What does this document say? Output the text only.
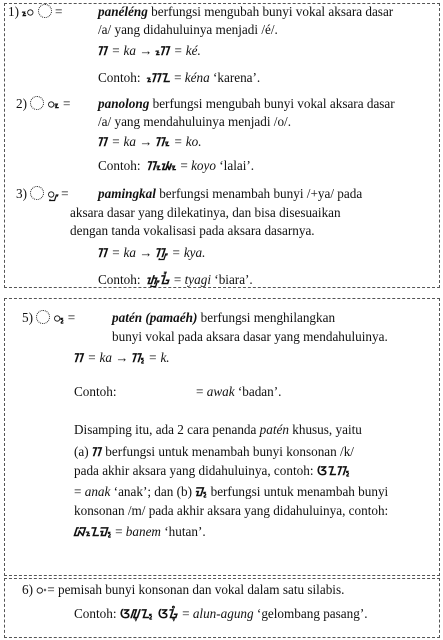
1) ᮦ =	panéléng berfungsi mengubah bunyi vokal aksara dasar
/a/ yang didahuluinya menjadi /é/.
ᮊ = ka → ᮊᮦ = ké.
Contoh: ᮊᮦᮔ = kéna ‘karena’.
2) ᮧ = panolong berfungsi mengubah bunyi vokal aksara dasar
/a/ yang mendahuluinya menjadi /o/.
ᮊ = ka → ᮊᮧ = ko.
Contoh: ᮊᮧᮚᮧ = koyo ‘lalai’.
3) ᮡ = pamingkal berfungsi menambah bunyi /+ya/ pada
aksara dasar yang dilekatinya, dan bisa disesuaikan
dengan tanda vokalisasi pada aksara dasarnya.
ᮊ = ka → ᮊᮡ = kya.
Contoh: ᮒᮡᮌᮤ = tyagi ‘biara’.
5) ᮪ =	patén (pamaéh) berfungsi menghilangkan
bunyi vokal pada aksara dasar yang mendahuluinya.
ᮊ = ka → ᮊ᮪ = k.
Contoh:	= awak ‘badan’.
Disamping itu, ada 2 cara penanda patén khusus, yaitu
(a) ᮊ berfungsi untuk menambah bunyi konsonan /k/
pada akhir aksara yang didahuluinya, contoh: ᮃᮔᮊ᮪
= anak ‘anak’; dan (b) ᮙ᮪ berfungsi untuk menambah bunyi
konsonan /m/ pada akhir aksara yang didahuluinya, contoh:
ᮘᮔᮦᮙ᮪ = banem ‘hutan’.
6) ᮫ = pemisah bunyi konsonan dan vokal dalam satu silabis.
Contoh: ᮃᮜᮥᮔ᮪ ᮃᮌᮥᮀ = alun-agung ‘gelombang pasang’.
